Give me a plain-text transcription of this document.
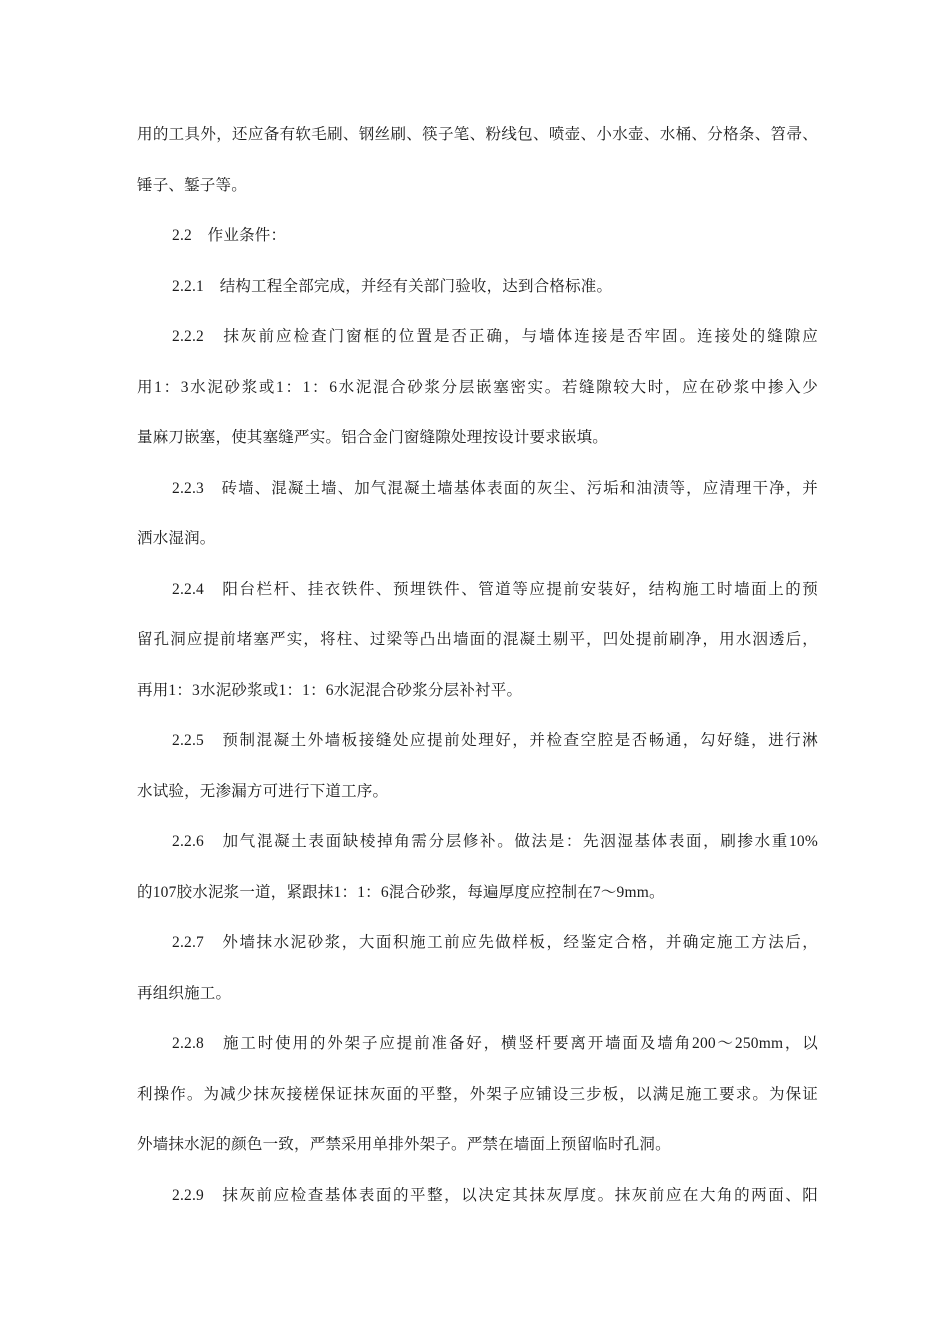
用的工具外，还应备有软毛刷、钢丝刷、筷子笔、粉线包、喷壶、小水壶、水桶、分格条、笤帚、
锤子、錾子等。
2.2　作业条件：
2.2.1　结构工程全部完成，并经有关部门验收，达到合格标准。
2.2.2　抹灰前应检查门窗框的位置是否正确，与墙体连接是否牢固。连接处的缝隙应
用1：3水泥砂浆或1：1：6水泥混合砂浆分层嵌塞密实。若缝隙较大时，应在砂浆中掺入少
量麻刀嵌塞，使其塞缝严实。铝合金门窗缝隙处理按设计要求嵌填。
2.2.3　砖墙、混凝土墙、加气混凝土墙基体表面的灰尘、污垢和油渍等，应清理干净，并
洒水湿润。
2.2.4　阳台栏杆、挂衣铁件、预埋铁件、管道等应提前安装好，结构施工时墙面上的预
留孔洞应提前堵塞严实，将柱、过梁等凸出墙面的混凝土剔平，凹处提前刷净，用水洇透后，
再用1：3水泥砂浆或1：1：6水泥混合砂浆分层补衬平。
2.2.5　预制混凝土外墙板接缝处应提前处理好，并检查空腔是否畅通，勾好缝，进行淋
水试验，无渗漏方可进行下道工序。
2.2.6　加气混凝土表面缺棱掉角需分层修补。做法是：先洇湿基体表面，刷掺水重10%
的107胶水泥浆一道，紧跟抹1：1：6混合砂浆，每遍厚度应控制在7～9mm。
2.2.7　外墙抹水泥砂浆，大面积施工前应先做样板，经鉴定合格，并确定施工方法后，
再组织施工。
2.2.8　施工时使用的外架子应提前准备好，横竖杆要离开墙面及墙角200～250mm，以
利操作。为减少抹灰接槎保证抹灰面的平整，外架子应铺设三步板，以满足施工要求。为保证
外墙抹水泥的颜色一致，严禁采用单排外架子。严禁在墙面上预留临时孔洞。
2.2.9　抹灰前应检查基体表面的平整，以决定其抹灰厚度。抹灰前应在大角的两面、阳
